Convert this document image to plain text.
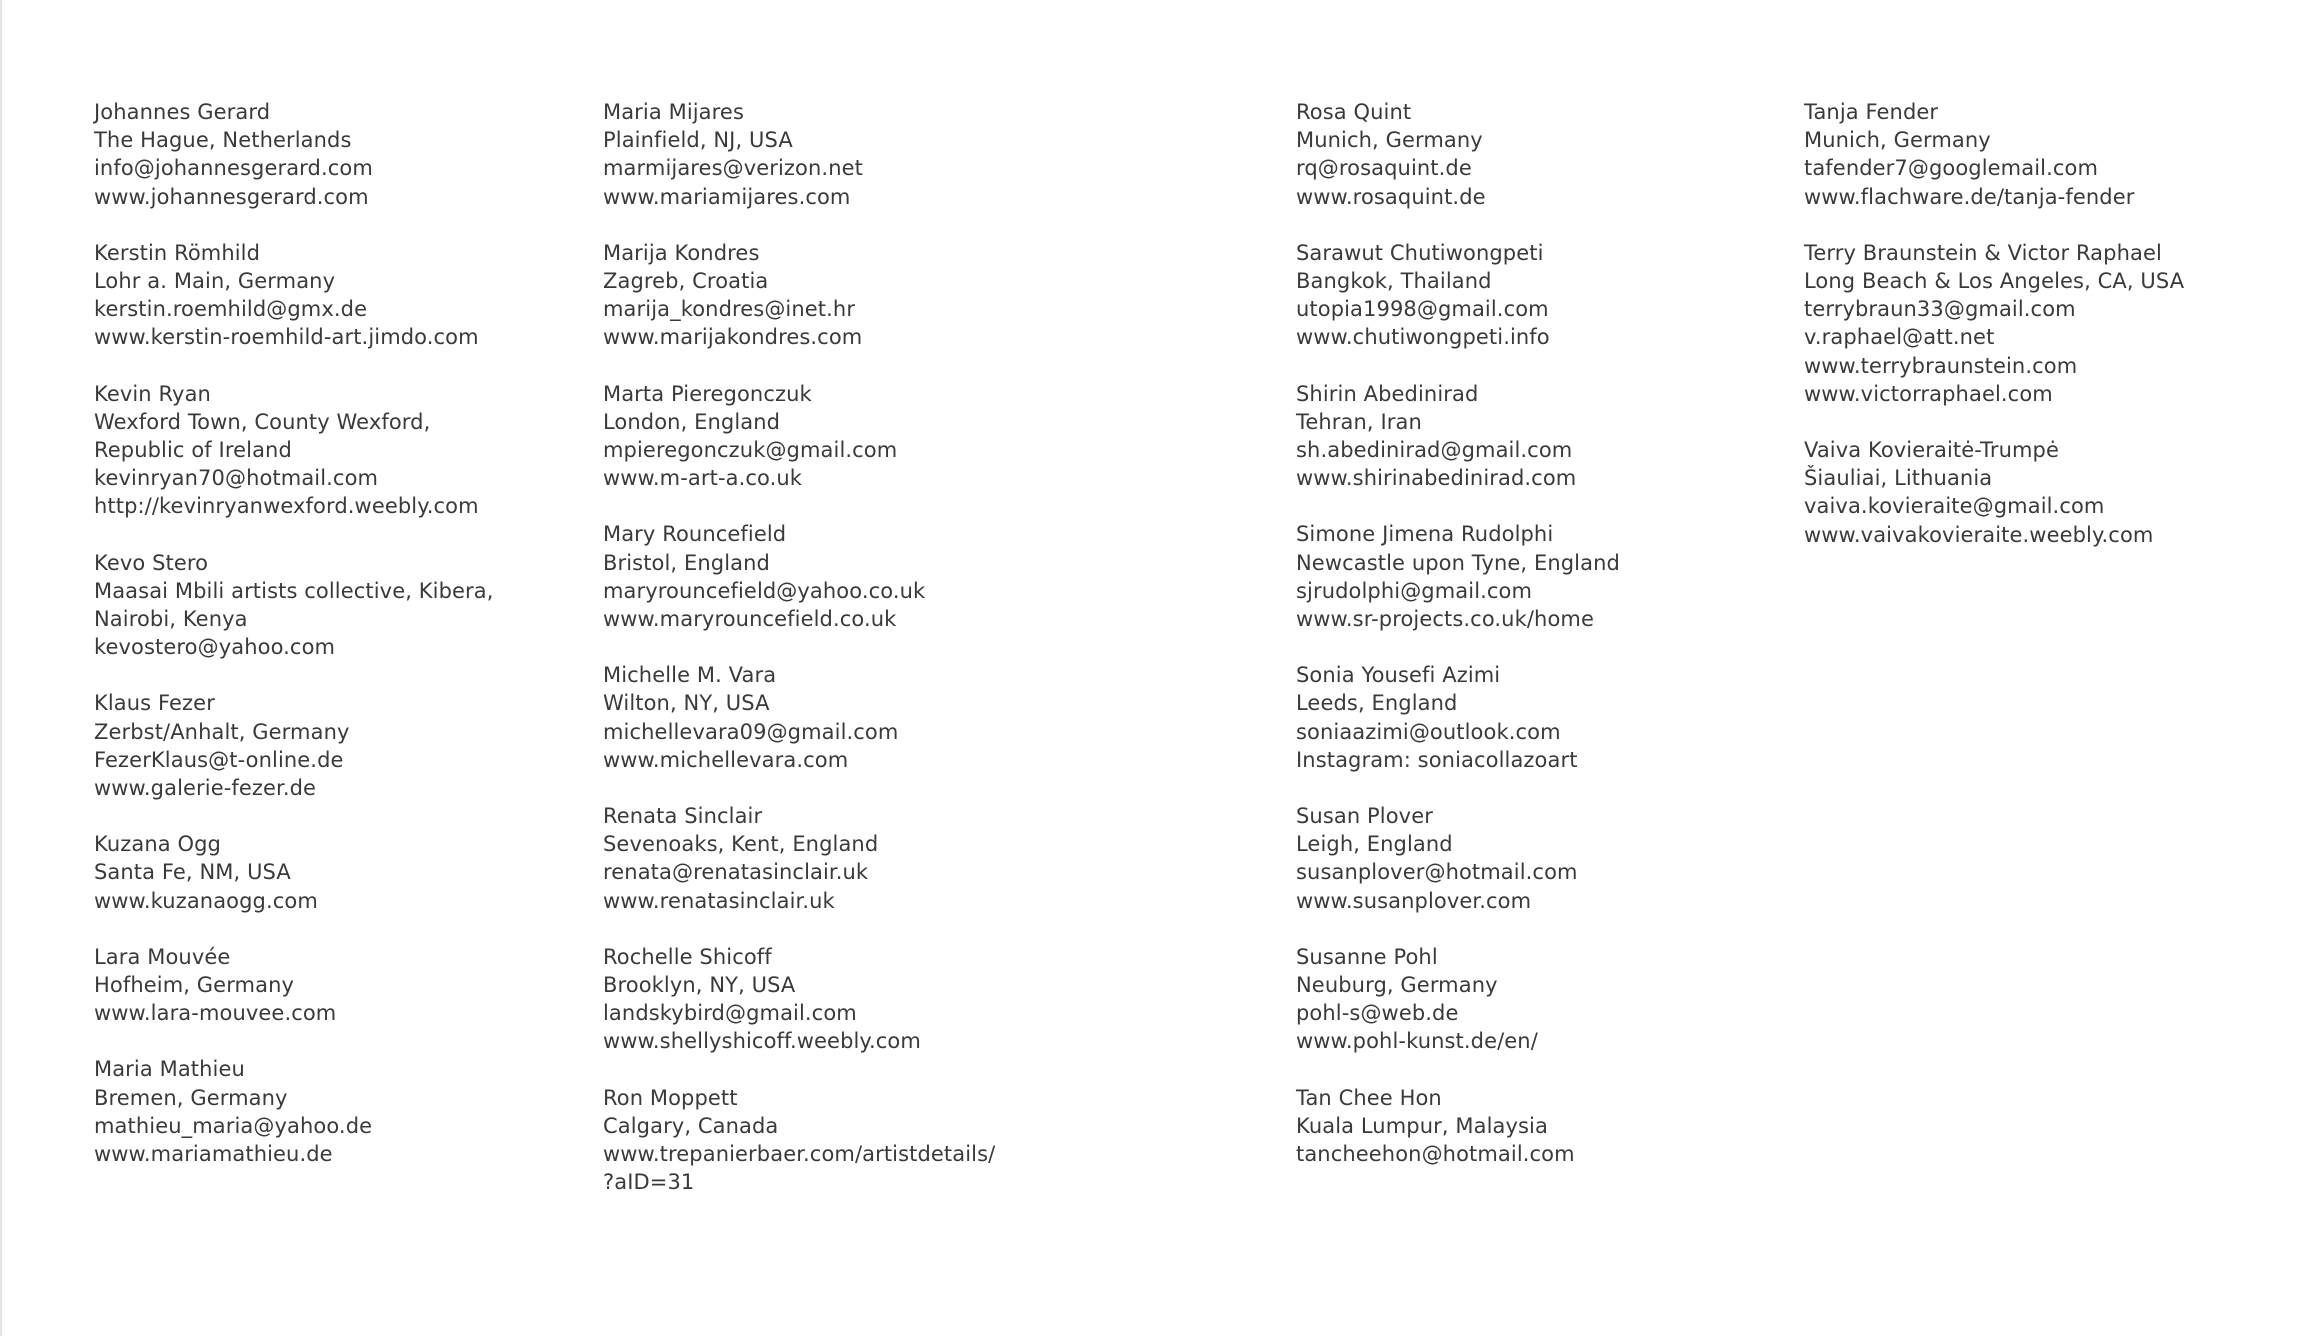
Johannes Gerard
The Hague, Netherlands
info@johannesgerard.com
www.johannesgerard.com
Kerstin Römhild
Lohr a. Main, Germany
kerstin.roemhild@gmx.de
www.kerstin-roemhild-art.jimdo.com
Kevin Ryan
Wexford Town, County Wexford,
Republic of Ireland
kevinryan70@hotmail.com
http://kevinryanwexford.weebly.com
Kevo Stero
Maasai Mbili artists collective, Kibera,
Nairobi, Kenya
kevostero@yahoo.com
Klaus Fezer
Zerbst/Anhalt, Germany
FezerKlaus@t-online.de
www.galerie-fezer.de
Kuzana Ogg
Santa Fe, NM, USA
www.kuzanaogg.com
Lara Mouvée
Hofheim, Germany
www.lara-mouvee.com
Maria Mathieu
Bremen, Germany
mathieu_maria@yahoo.de
www.mariamathieu.de
Maria Mijares
Plainfield, NJ, USA
marmijares@verizon.net
www.mariamijares.com
Marija Kondres
Zagreb, Croatia
marija_kondres@inet.hr
www.marijakondres.com
Marta Pieregonczuk
London, England
mpieregonczuk@gmail.com
www.m-art-a.co.uk
Mary Rouncefield
Bristol, England
maryrouncefield@yahoo.co.uk
www.maryrouncefield.co.uk
Michelle M. Vara
Wilton, NY, USA
michellevara09@gmail.com
www.michellevara.com
Renata Sinclair
Sevenoaks, Kent, England
renata@renatasinclair.uk
www.renatasinclair.uk
Rochelle Shicoff
Brooklyn, NY, USA
landskybird@gmail.com
www.shellyshicoff.weebly.com
Ron Moppett
Calgary, Canada
www.trepanierbaer.com/artistdetails/
?aID=31
Rosa Quint
Munich, Germany
rq@rosaquint.de
www.rosaquint.de
Sarawut Chutiwongpeti
Bangkok, Thailand
utopia1998@gmail.com
www.chutiwongpeti.info
Shirin Abedinirad
Tehran, Iran
sh.abedinirad@gmail.com
www.shirinabedinirad.com
Simone Jimena Rudolphi
Newcastle upon Tyne, England
sjrudolphi@gmail.com
www.sr-projects.co.uk/home
Sonia Yousefi Azimi
Leeds, England
soniaazimi@outlook.com
Instagram: soniacollazoart
Susan Plover
Leigh, England
susanplover@hotmail.com
www.susanplover.com
Susanne Pohl
Neuburg, Germany
pohl-s@web.de
www.pohl-kunst.de/en/
Tan Chee Hon
Kuala Lumpur, Malaysia
tancheehon@hotmail.com
Tanja Fender
Munich, Germany
tafender7@googlemail.com
www.flachware.de/tanja-fender
Terry Braunstein & Victor Raphael
Long Beach & Los Angeles, CA, USA
terrybraun33@gmail.com
v.raphael@att.net
www.terrybraunstein.com
www.victorraphael.com
Vaiva Kovieraitė-Trumpė
Šiauliai, Lithuania
vaiva.kovieraite@gmail.com
www.vaivakovieraite.weebly.com
